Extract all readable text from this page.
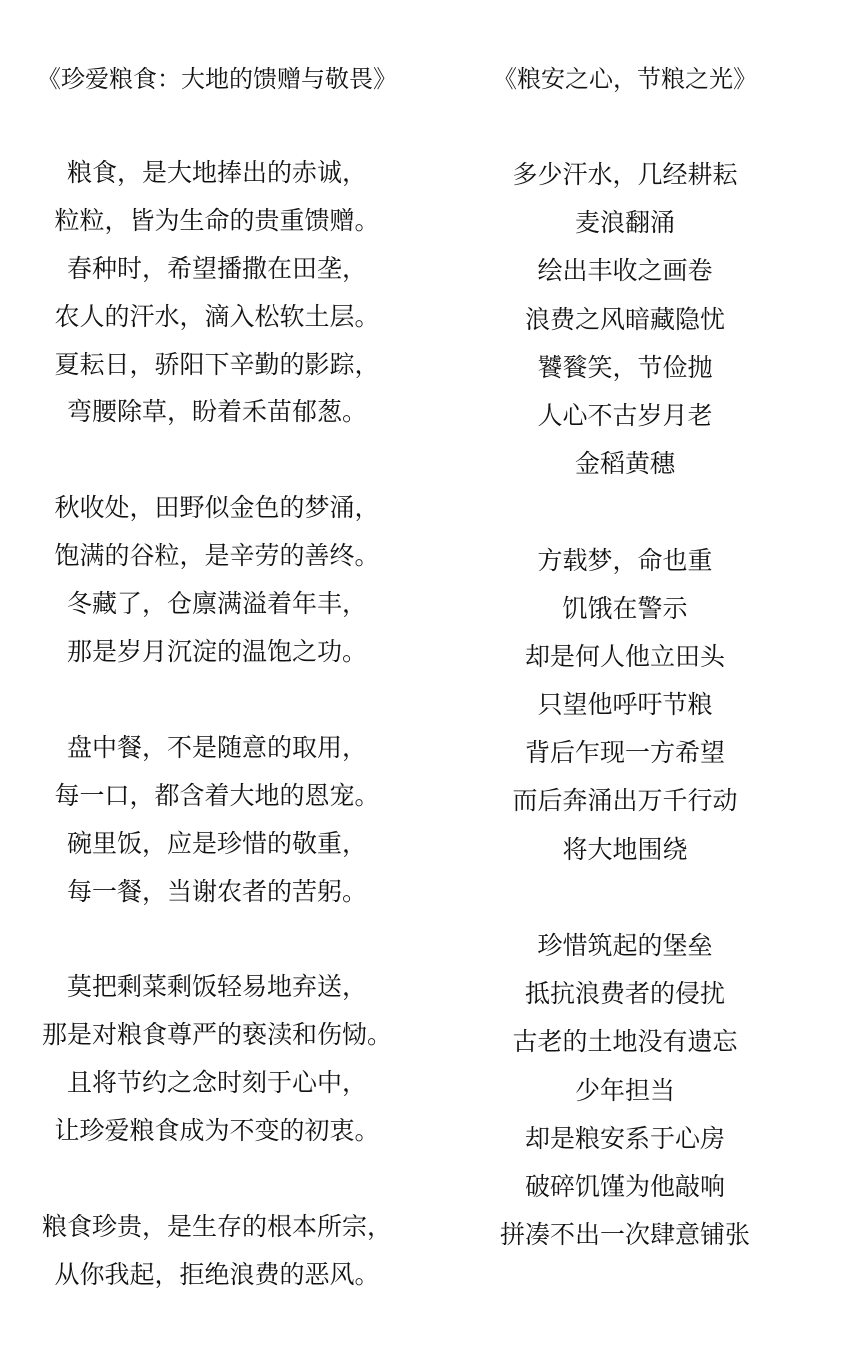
《珍爱粮食：大地的馈赠与敬畏》

粮食，是大地捧出的赤诚，
粒粒，皆为生命的贵重馈赠。
春种时，希望播撒在田垄，
农人的汗水，滴入松软土层。
夏耘日，骄阳下辛勤的影踪，
弯腰除草，盼着禾苗郁葱。

秋收处，田野似金色的梦涌，
饱满的谷粒，是辛劳的善终。
冬藏了，仓廪满溢着年丰，
那是岁月沉淀的温饱之功。

盘中餐，不是随意的取用，
每一口，都含着大地的恩宠。
碗里饭，应是珍惜的敬重，
每一餐，当谢农者的苦躬。

莫把剩菜剩饭轻易地弃送，
那是对粮食尊严的亵渎和伤恸。
且将节约之念时刻于心中，
让珍爱粮食成为不变的初衷。

粮食珍贵，是生存的根本所宗，
从你我起，拒绝浪费的恶风。

《粮安之心，节粮之光》

多少汗水，几经耕耘
麦浪翻涌
绘出丰收之画卷
浪费之风暗藏隐忧
饕餮笑，节俭抛
人心不古岁月老
金稻黄穗

方载梦，命也重
饥饿在警示
却是何人他立田头
只望他呼吁节粮
背后乍现一方希望
而后奔涌出万千行动
将大地围绕

珍惜筑起的堡垒
抵抗浪费者的侵扰
古老的土地没有遗忘
少年担当
却是粮安系于心房
破碎饥馑为他敲响
拼凑不出一次肆意铺张
